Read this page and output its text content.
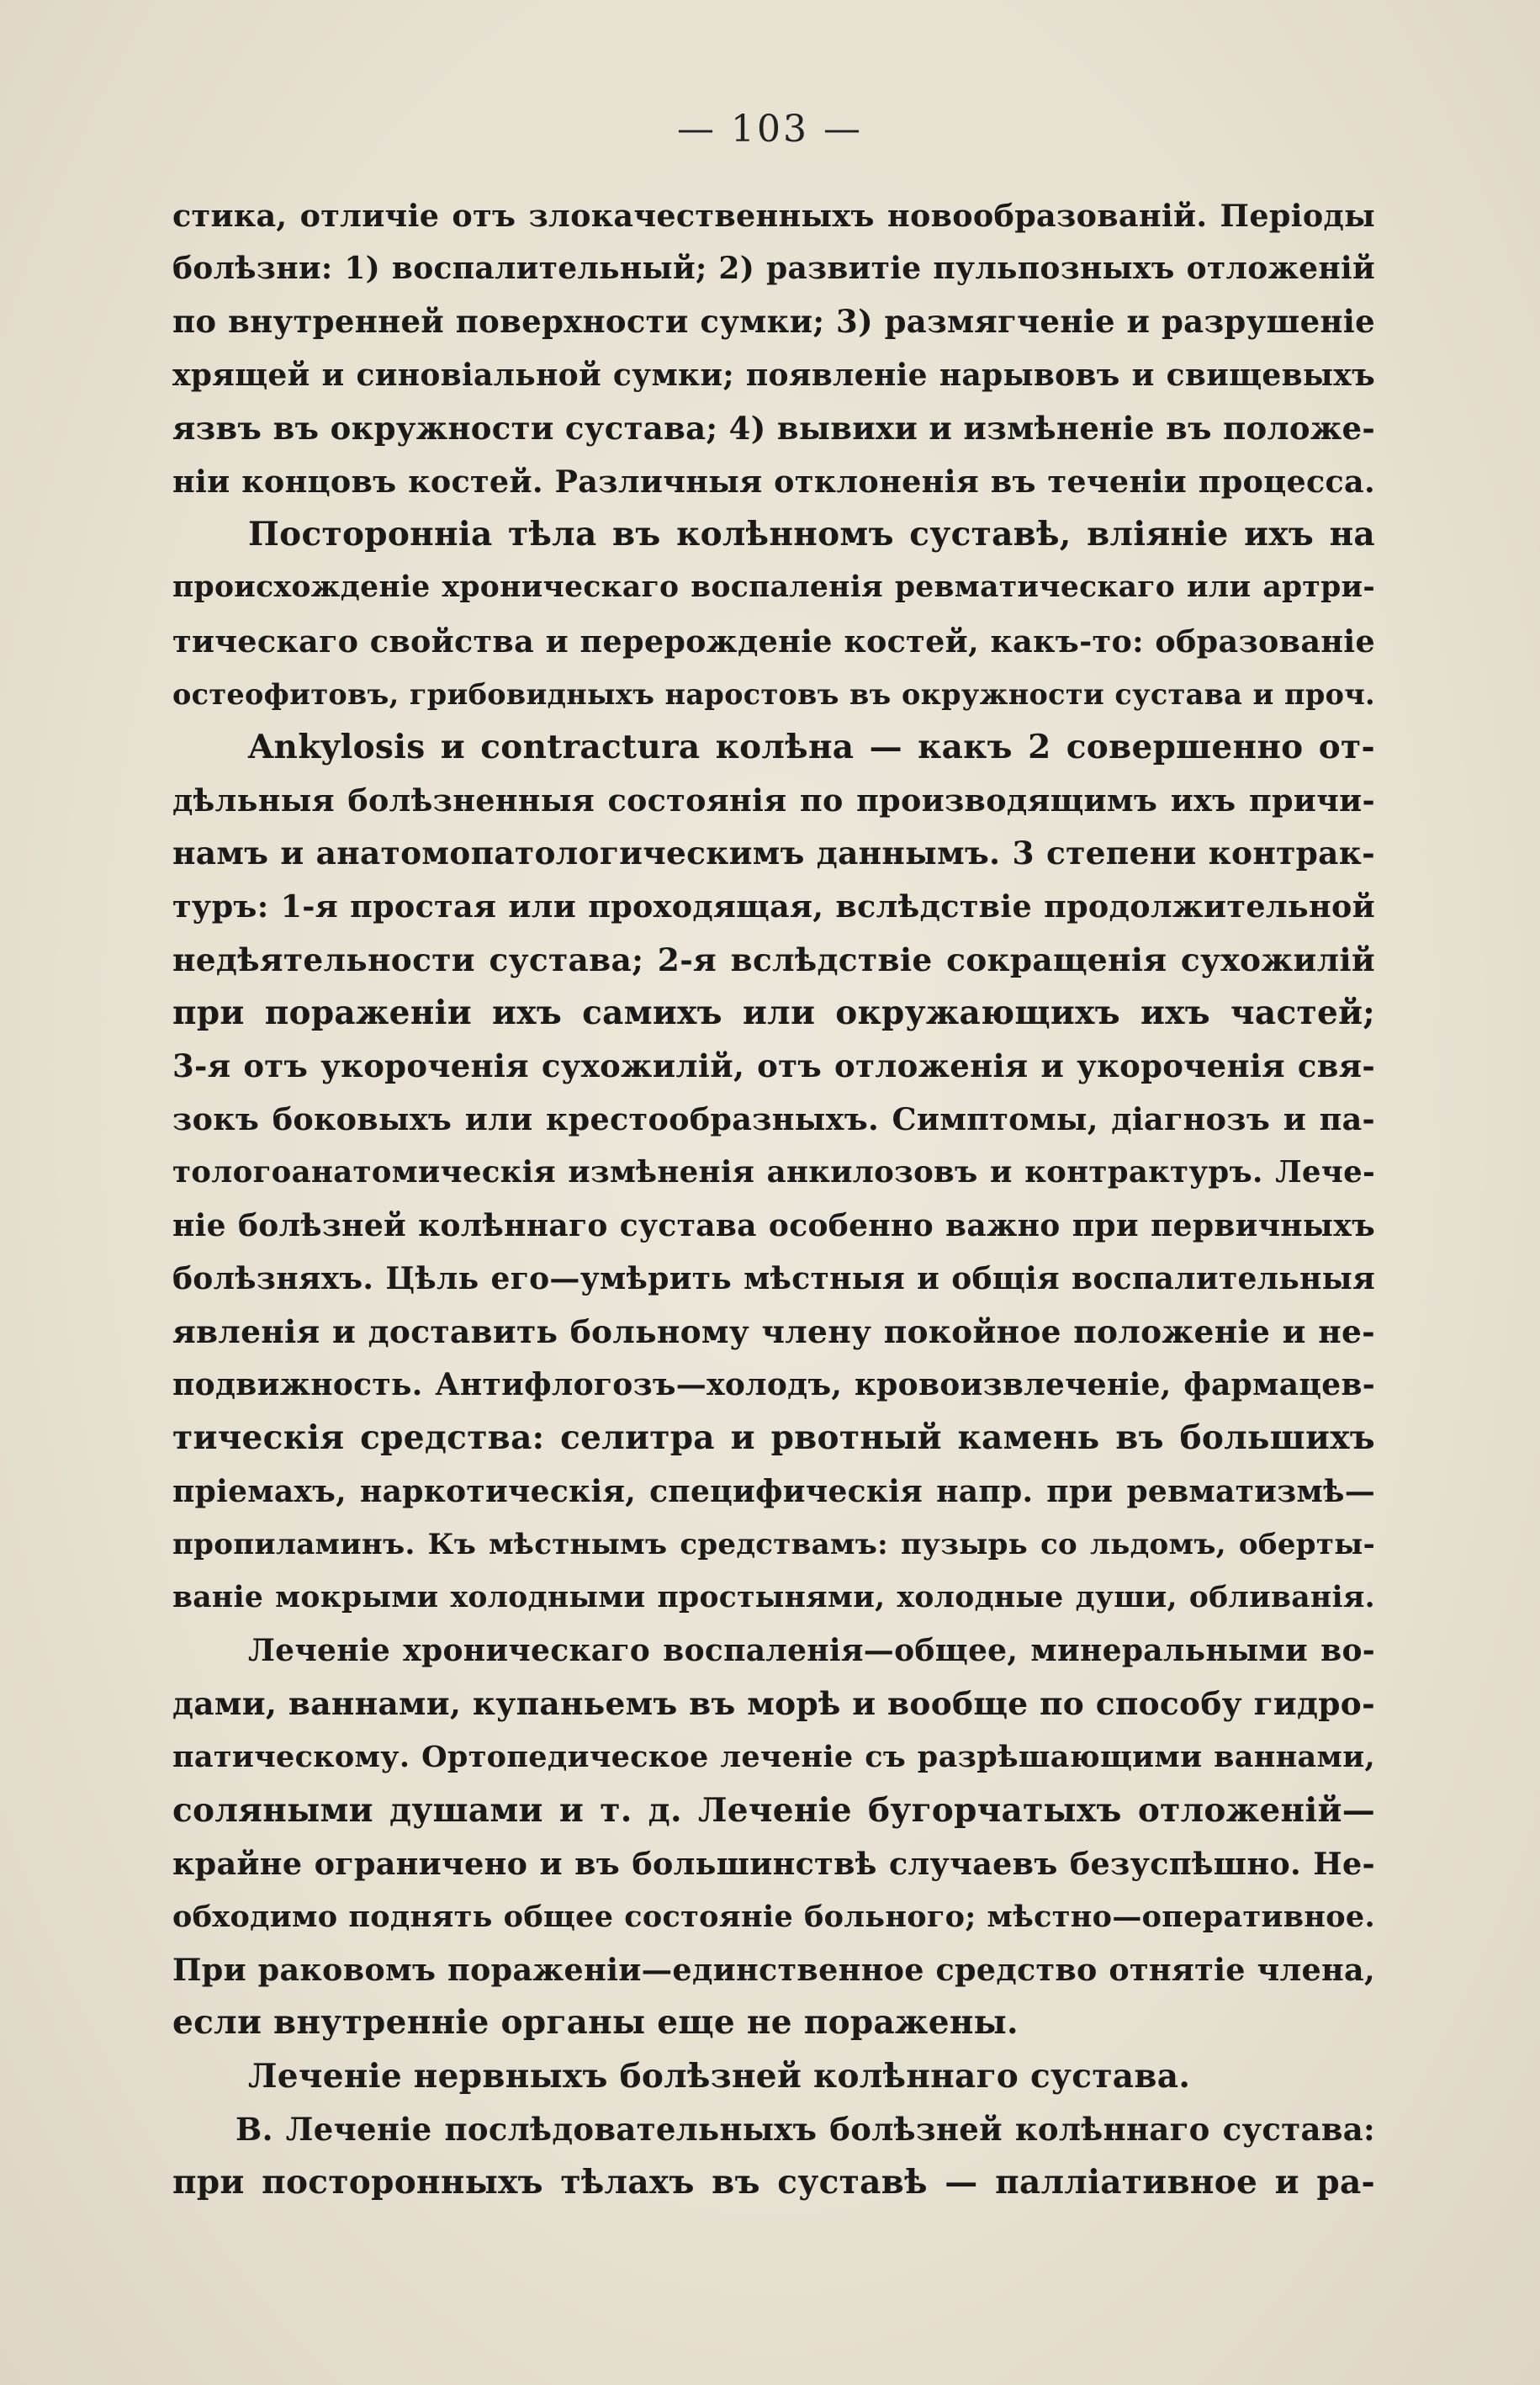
— 103 —
стика, отличіе отъ злокачественныхъ новообразованій. Періоды
болѣзни: 1) воспалительный; 2) развитіе пульпозныхъ отложеній
по внутренней поверхности сумки; 3) размягченіе и разрушеніе
хрящей и синовіальной сумки; появленіе нарывовъ и свищевыхъ
язвъ въ окружности сустава; 4) вывихи и измѣненіе въ положе-
ніи концовъ костей. Различныя отклоненія въ теченіи процесса.
Посторонніа тѣла въ колѣнномъ суставѣ, вліяніе ихъ на
происхожденіе хроническаго воспаленія ревматическаго или артри-
тическаго свойства и перерожденіе костей, какъ-то: образованіе
остеофитовъ, грибовидныхъ наростовъ въ окружности сустава и проч.
Ankylosis и contractura колѣна — какъ 2 совершенно от-
дѣльныя болѣзненныя состоянія по производящимъ ихъ причи-
намъ и анатомопатологическимъ даннымъ. 3 степени контрак-
туръ: 1-я простая или проходящая, вслѣдствіе продолжительной
недѣятельности сустава; 2-я вслѣдствіе сокращенія сухожилій
при пораженіи ихъ самихъ или окружающихъ ихъ частей;
3-я отъ укороченія сухожилій, отъ отложенія и укороченія свя-
зокъ боковыхъ или крестообразныхъ. Симптомы, діагнозъ и па-
тологоанатомическія измѣненія анкилозовъ и контрактуръ. Лече-
ніе болѣзней колѣннаго сустава особенно важно при первичныхъ
болѣзняхъ. Цѣль его—умѣрить мѣстныя и общія воспалительныя
явленія и доставить больному члену покойное положеніе и не-
подвижность. Антифлогозъ—холодъ, кровоизвлеченіе, фармацев-
тическія средства: селитра и рвотный камень въ большихъ
пріемахъ, наркотическія, специфическія напр. при ревматизмѣ—
пропиламинъ. Къ мѣстнымъ средствамъ: пузырь со льдомъ, оберты-
ваніе мокрыми холодными простынями, холодные души, обливанія.
Леченіе хроническаго воспаленія—общее, минеральными во-
дами, ваннами, купаньемъ въ морѣ и вообще по способу гидро-
патическому. Ортопедическое леченіе съ разрѣшающими ваннами,
соляными душами и т. д. Леченіе бугорчатыхъ отложеній—
крайне ограничено и въ большинствѣ случаевъ безуспѣшно. Не-
обходимо поднять общее состояніе больного; мѣстно—оперативное.
При раковомъ пораженіи—единственное средство отнятіе члена,
если внутренніе органы еще не поражены.
Леченіе нервныхъ болѣзней колѣннаго сустава.
B. Леченіе послѣдовательныхъ болѣзней колѣннаго сустава:
при посторонныхъ тѣлахъ въ суставѣ — палліативное и ра-
